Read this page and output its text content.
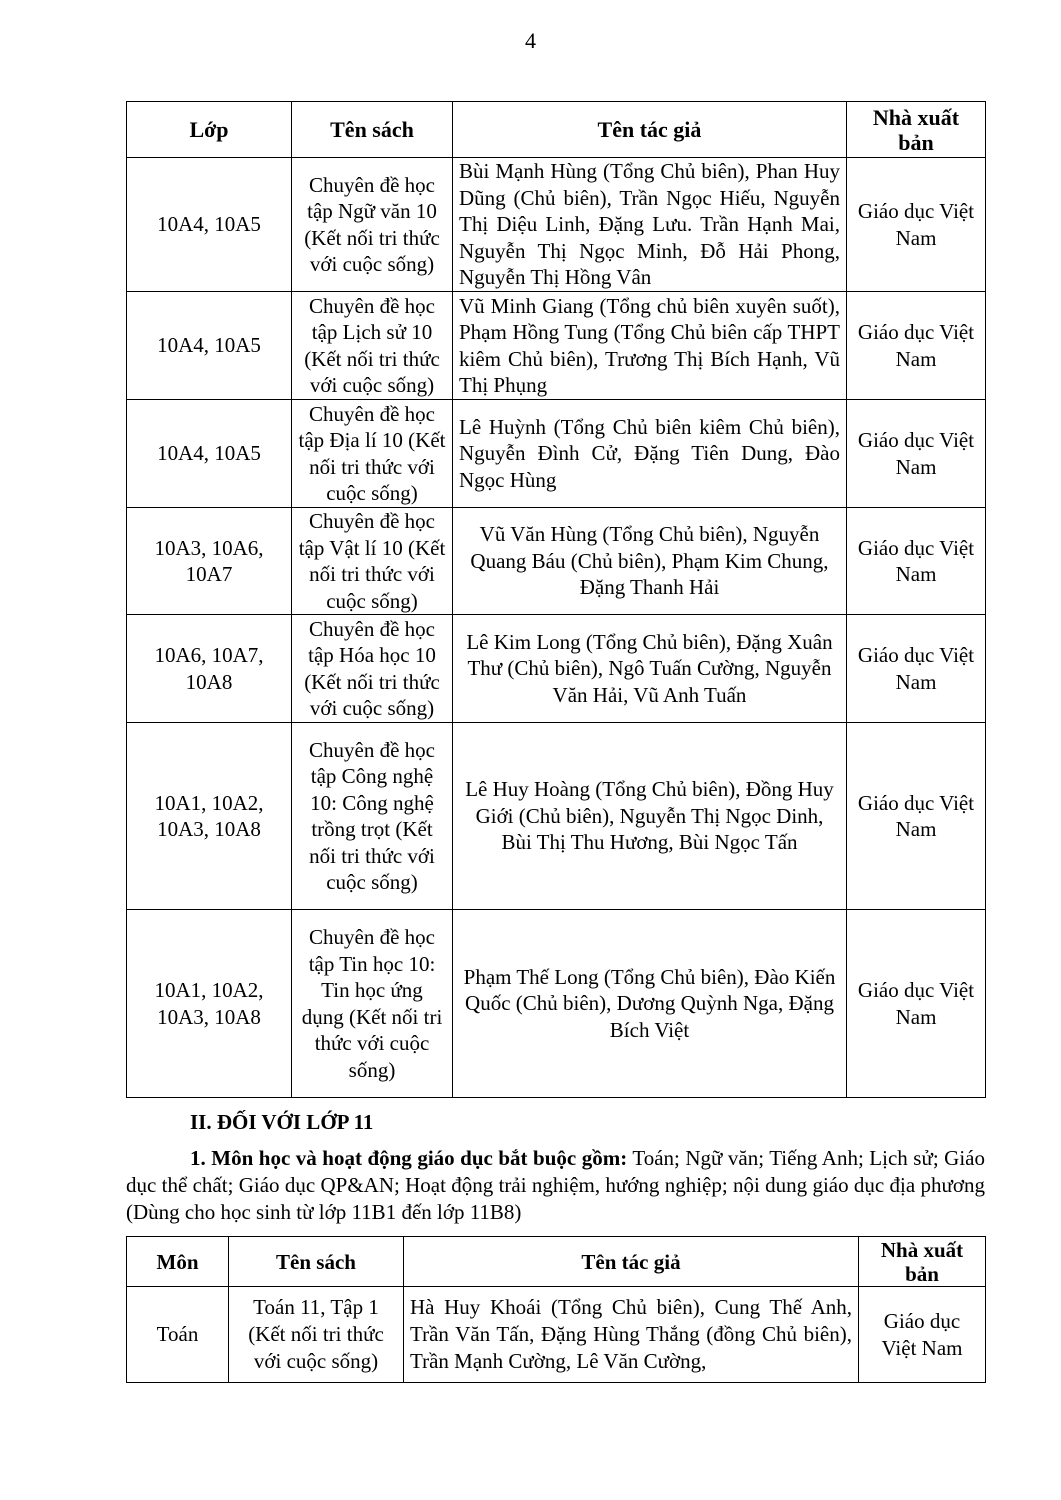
4
Lớp	Tên sách	Tên tác giả	Nhà xuất bản
10A4, 10A5	Chuyên đề học tập Ngữ văn 10 (Kết nối tri thức với cuộc sống)	Bùi Mạnh Hùng (Tổng Chủ biên), Phan Huy Dũng (Chủ biên), Trần Ngọc Hiếu, Nguyễn Thị Diệu Linh, Đặng Lưu. Trần Hạnh Mai, Nguyễn Thị Ngọc Minh, Đỗ Hải Phong, Nguyễn Thị Hồng Vân	Giáo dục Việt Nam
10A4, 10A5	Chuyên đề học tập Lịch sử 10 (Kết nối tri thức với cuộc sống)	Vũ Minh Giang (Tổng chủ biên xuyên suốt), Phạm Hồng Tung (Tổng Chủ biên cấp THPT kiêm Chủ biên), Trương Thị Bích Hạnh, Vũ Thị Phụng	Giáo dục Việt Nam
10A4, 10A5	Chuyên đề học tập Địa lí 10 (Kết nối tri thức với cuộc sống)	Lê Huỳnh (Tổng Chủ biên kiêm Chủ biên), Nguyễn Đình Cử, Đặng Tiên Dung, Đào Ngọc Hùng	Giáo dục Việt Nam
10A3, 10A6, 10A7	Chuyên đề học tập Vật lí 10 (Kết nối tri thức với cuộc sống)	Vũ Văn Hùng (Tổng Chủ biên), Nguyễn Quang Báu (Chủ biên), Phạm Kim Chung, Đặng Thanh Hải	Giáo dục Việt Nam
10A6, 10A7, 10A8	Chuyên đề học tập Hóa học 10 (Kết nối tri thức với cuộc sống)	Lê Kim Long (Tổng Chủ biên), Đặng Xuân Thư (Chủ biên), Ngô Tuấn Cường, Nguyễn Văn Hải, Vũ Anh Tuấn	Giáo dục Việt Nam
10A1, 10A2, 10A3, 10A8	Chuyên đề học tập Công nghệ 10: Công nghệ trồng trọt (Kết nối tri thức với cuộc sống)	Lê Huy Hoàng (Tổng Chủ biên), Đồng Huy Giới (Chủ biên), Nguyễn Thị Ngọc Dinh, Bùi Thị Thu Hương, Bùi Ngọc Tấn	Giáo dục Việt Nam
10A1, 10A2, 10A3, 10A8	Chuyên đề học tập Tin học 10: Tin học ứng dụng (Kết nối tri thức với cuộc sống)	Phạm Thế Long (Tổng Chủ biên), Đào Kiến Quốc (Chủ biên), Dương Quỳnh Nga, Đặng Bích Việt	Giáo dục Việt Nam
II. ĐỐI VỚI LỚP 11

1. Môn học và hoạt động giáo dục bắt buộc gồm: Toán; Ngữ văn; Tiếng Anh; Lịch sử; Giáo dục thể chất; Giáo dục QP&AN; Hoạt động trải nghiệm, hướng nghiệp; nội dung giáo dục địa phương (Dùng cho học sinh từ lớp 11B1 đến lớp 11B8)

Môn	Tên sách	Tên tác giả	Nhà xuất bản
Toán	Toán 11, Tập 1 (Kết nối tri thức với cuộc sống)	Hà Huy Khoái (Tổng Chủ biên), Cung Thế Anh, Trần Văn Tấn, Đặng Hùng Thắng (đồng Chủ biên), Trần Mạnh Cường, Lê Văn Cường,	Giáo dục Việt Nam
